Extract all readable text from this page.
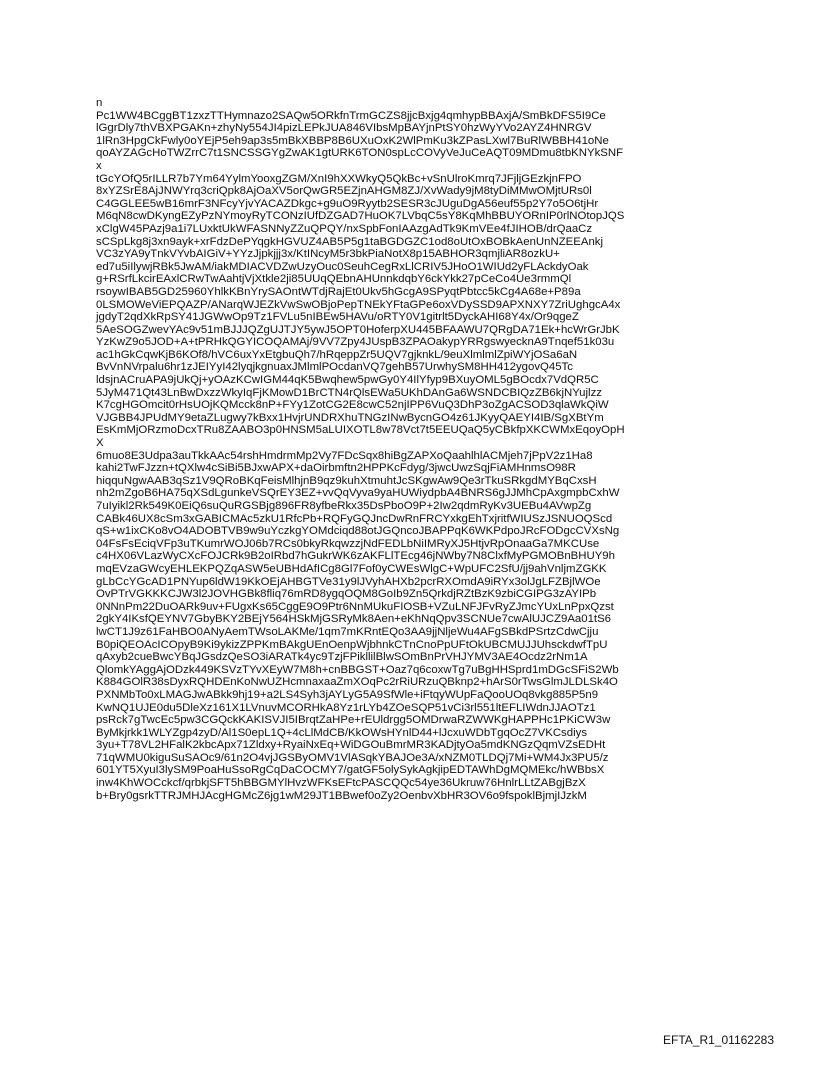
n
Pc1WW4BCggBT1zxzTTHymnazo2SAQw5ORkfnTrmGCZS8jjcBxjg4qmhypBBAxjA/SmBkDFS5I9Ce
lGgrDly7thVBXPGAKn+zhyNy554JI4pizLEPkJUA846VIbsMpBAYjnPtSY0hzWyYVo2AYZ4HNRGV
1lRn3HpgCkFwly0oYEjP5eh9ap3s5mBkXBBP8B6UXuOxK2WlPmKu3kZPasLXwl7BuRlWBBH41oNe
qoAYZAGcHoTWZrrC7t1SNCSSGYgZwAK1gtURK6TON0spLcCOVyVeJuCeAQT09MDmu8tbKNYkSNF
x
tGcYOfQ5rILLR7b7Ym64YylmYooxgZGM/XnI9hXXWkyQ5QkBc+vSnUlroKmrq7JFjljGEzkjnFPO
8xYZSrE8AjJNWYrq3criQpk8AjOaXV5orQwGR5EZjnAHGM8ZJ/XvWady9jM8tyDiMMwOMjtURs0l
C4GGLEE5wB16mrF3NFcyYjvYACAZDkgc+g9uO9Ryytb2SESR3cJUguDgA56euf55p2Y7o5O6tjHr
M6qN8cwDKyngEZyPzNYmoyRyTCONzIUfDZGAD7HuOK7LVbqC5sY8KqMhBBUYORnIP0rlNOtopJQS
xClgW45PAzj9a1i7LUxktUkWFASNNyZZuQPQY/nxSpbFonIAAzgAdTk9KmVEe4fJIHOB/drQaaCz
sCSpLkg8j3xn9ayk+xrFdzDePYqgkHGVUZ4AB5P5g1taBGDGZC1od8oUtOxBOBkAenUnNZEEAnkj
VC3zYA9yTnkVYvbAIGiV+YYzJjpkjjj3x/KtINcyM5r3bkPiaNotX8p15ABHOR3qmjliAR8ozkU+
ed7u5iIlywjRBk5JwAM/iakMDIACVDZwUzyOuc0SeuhCegRxLlCRIV5JHoO1WIUd2yFLAckdyOak
g+RSrfLkcirEAxlCRwTwAahtjVjXtkle2ji85UUqQEbnAHUnnkdqbY6ckYkk27pCeCo4Ue3rmmQl
rsoywIBAB5GD25960YhlkKBnYrySAOntWTdjRajEt0Ukv5hGcgA9SPyqtPbtcc5kCg4A68e+P89a
0LSMOWeViEPQAZP/ANarqWJEZkVwSwOBjoPepTNEkYFtaGPe6oxVDySSD9APXNXY7ZriUghgcA4x
jgdyT2qdXkRpSY41JGWwOp9Tz1FVLu5nIBEw5HAVu/oRTY0V1gitrlt5DyckAHI68Y4x/Or9qgeZ
5AeSOGZwevYAc9v51mBJJJQZgUJTJY5ywJ5OPT0HoferpXU445BFAAWU7QRgDA71Ek+hcWrGrJbK
YzKwZ9o5JOD+A+tPRHkQGYICOQAMAj/9VV7Zpy4JUspB3ZPAOakypYRRgswyecknA9Tnqef51k03u
ac1hGkCqwKjB6KOf8/hVC6uxYxEtgbuQh7/hRqeppZr5UQV7gjknkL/9euXlmlmlZpiWYjOSa6aN
BvVnNVrpalu6hr1zJEIYyI42lyqjkgnuaxJMlmlPOcdanVQ7gehB57UrwhySM8HH412ygovQ45Tc
ldsjnACruAPA9jUkQj+yOAzKCwIGM44qK5Bwqhew5pwGy0Y4IlYfyp9BXuyOML5gBOcdx7VdQR5C
5JyM471Qt43LnBwDxzzWkyIqFjKMowD1BrCTN4rQlsEWa5UKhDAnGa6WSNDCBIQzZB6kjNYujlzz
K7cgHGOmcit0rHsUOjKQMcck8nP+FYy1ZotCG2E8cwC52njIPP6VuQ3DhP3oZgACSOD3qlaWkQiW
VJGBB4JPUdMY9etaZLugwy7kBxx1HvjrUNDRXhuTNGzINwBycnGO4z61JKyyQAEYI4IB/SgXBtYm
EsKmMjORzmoDcxTRu8ZAABO3p0HNSM5aLUIXOTL8w78Vct7t5EEUQaQ5yCBkfpXKCWMxEqoyOpH
X
6muo8E3Udpa3auTkkAAc54rshHmdrmMp2Vy7FDcSqx8hiBgZAPXoQaahlhlACMjeh7jPpV2z1Ha8
kahi2TwFJzzn+tQXlw4cSiBi5BJxwAPX+daOirbmftn2HPPKcFdyg/3jwcUwzSqjFiAMHnmsO98R
hiqquNgwAAB3qSz1V9QRoBKqFeisMlhjnB9qz9kuhXtmuhtJcSKgwAw9Qe3rTkuSRkgdMYBqCxsH
nh2mZgoB6HA75qXSdLgunkeVSQrEY3EZ+vvQqVyva9yaHUWiydpbA4BNRS6gJJMhCpAxgmpbCxhW
7uIyikl2Rk549K0EiQ6suQuRGSBjg896FR8yfbeRkx35DsPboO9P+2Iw2qdmRyKv3UEBu4AVwpZg
CABk46UX8cSm3xGABICMAc5zkU1RfcPb+RQFyGQJncDwRnFRCYxkgEhTxjritfWIUSzJSNUOQScd
qS+w1ixCKo8vO4ADOBTVB9w9uYczkgYOMdciqd88otJGQncoJBAPPqK6WKPdpoJRcFODgcCVXsNg
04FsFsEciqVFp3uTKumrWOJ06b7RCs0bkyRkqwzzjNdFEDLbNiIMRyXJ5HtjvRpOnaaGa7MKCUse
c4HX06VLazWyCXcFOJCRk9B2oIRbd7hGukrWK6zAKFLlTEcg46jNWby7N8ClxfMyPGMOBnBHUY9h
mqEVzaGWcyEHLEKPQZqASW5eUBHdAfICg8Gl7Fof0yCWEsWlgC+WpUFC2SfU/jj9ahVnljmZGKK
gLbCcYGcAD1PNYup6ldW19KkOEjAHBGTVe31y9lJVyhAHXb2pcrRXOmdA9iRYx3olJgLFZBjlWOe
OvPTrVGKKKCJW3l2JOVHGBk8fliq76mRD8ygqOQM8GoIb9Zn5QrkdjRZtBzK9zbiCGIPG3zAYIPb
0NNnPm22DuOARk9uv+FUgxKs65CggE9O9Ptr6NnMUkuFIOSB+VZuLNFJFvRyZJmcYUxLnPpxQzst
2gkY4IKsfQEYNV7GbyBKY2BEjY564HSkMjGSRyMk8Aen+eKhNqQpv3SCNUe7cwAlUJCZ9Aa01tS6
lwCT1J9z61FaHBO0ANyAemTWsoLAKMe/1qm7mKRntEQo3AA9jjNljeWu4AFgSBkdPSrtzCdwCjju
B0piQEOAcICOpyB9Ki9ykizZPPKmBAkgUEnOenpWjbhnkCTnCnoPpUFtOkUBCMUJJUhsckdwfTpU
qAxyb2cueBwcYBqJGsdzQeSO3iARATk4yc9TzjFPikllilBlwSOmBnPrVHJYMV3AE4Ocdz2rNm1A
QlomkYAggAjODzk449KSVzTYvXEyW7M8h+cnBBGST+Oaz7q6coxwTg7uBgHHSprd1mDGcSFiS2Wb
K884GOlR38sDyxRQHDEnKoNwUZHcmnaxaaZmXOqPc2rRiURzuQBknp2+hArS0rTwsGlmJLDLSk4O
PXNMbTo0xLMAGJwABkk9hj19+a2LS4Syh3jAYLyG5A9SfWle+iFtqyWUpFaQooUOq8vkg885P5n9
KwNQ1UJE0du5DleXz161X1LVnuvMCORHkA8Yz1rLYb4ZOeSQP51vCi3rl551ltEFLIWdnJJAOTz1
psRck7gTwcEc5pw3CGQckKAKISVJI5IBrqtZaHPe+rEUldrgg5OMDrwaRZWWKgHAPPHc1PKiCW3w
ByMkjrkk1WLYZgp4zyD/Al1S0epL1Q+4cLlMdCB/KkOWsHYnlD44+lJcxuWDbTgqOcZ7VKCsdiys
3yu+T78VL2HFalK2kbcApx71Zldxy+RyaiNxEq+WiDGOuBmrMR3KADjtyOa5mdKNGzQqmVZsEDHt
71qWMU0kiguSuSAOc9/61n2O4vjJGSByOMV1VlASqkYBAJOe3A/xNZM0TLDQj7Mi+WM4Jx3PU5/z
601YT5XyuI3lySM9PoaHuSsoRgCqDaCOCMY7/gatGF5olySykAgkjipEDTAWhDgMQMEkc/hWBbsX
inw4KhWOCckcf/qrbkjSFT5hBBGMYlHvzWFKsEFtcPASCQQc54ye36Ukruw76HnlrLLtZABgjBzX
b+Bry0gsrkTTRJMHJAcgHGMcZ6jg1wM29JT1BBwef0oZy2OenbvXbHR3OV6o9fspoklBjmjIJzkM
EFTA_R1_01162283
